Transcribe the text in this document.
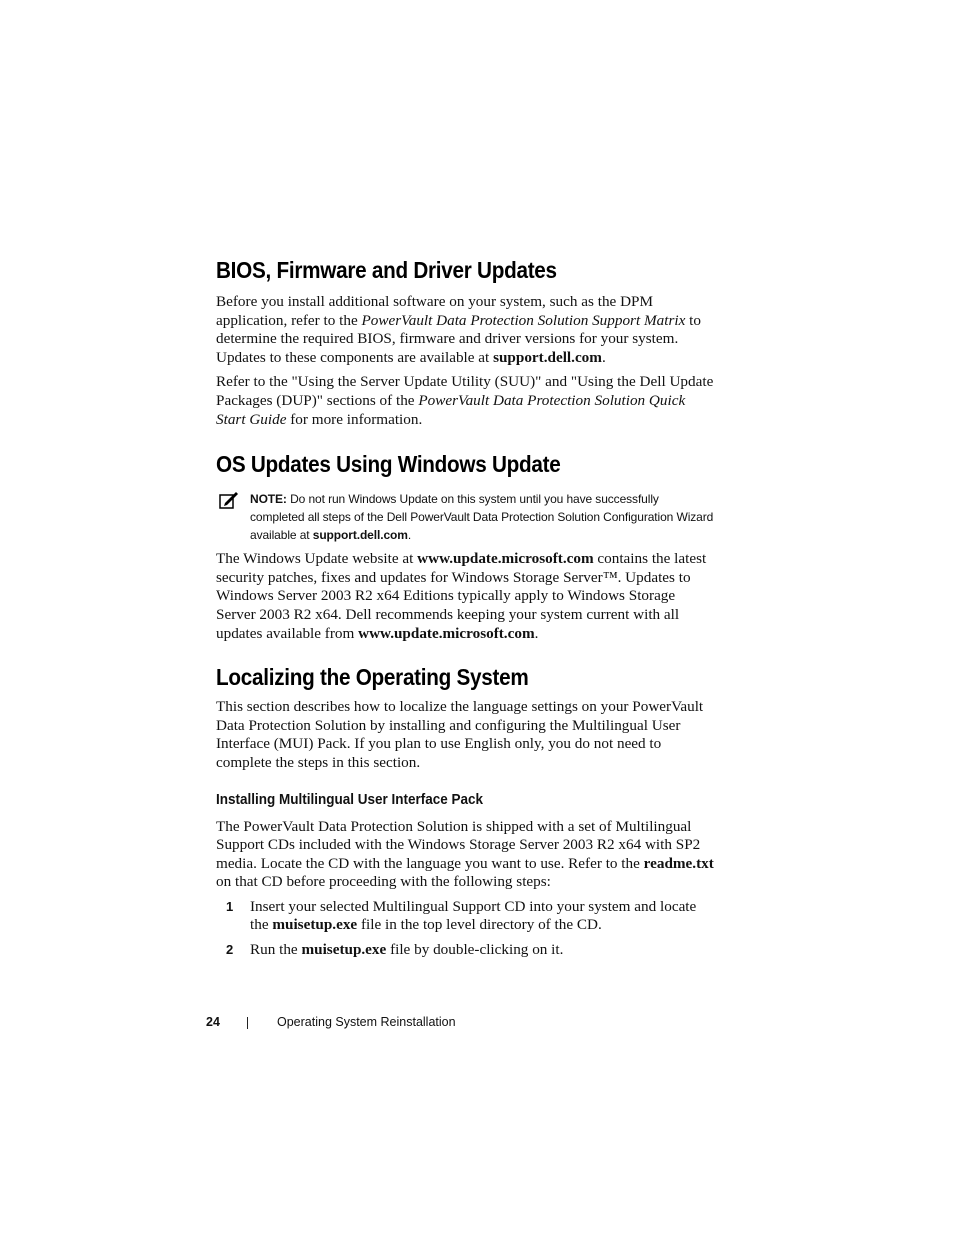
BIOS, Firmware and Driver Updates

Before you install additional software on your system, such as the DPM application, refer to the PowerVault Data Protection Solution Support Matrix to determine the required BIOS, firmware and driver versions for your system. Updates to these components are available at support.dell.com.

Refer to the "Using the Server Update Utility (SUU)" and "Using the Dell Update Packages (DUP)" sections of the PowerVault Data Protection Solution Quick Start Guide for more information.

OS Updates Using Windows Update
NOTE: Do not run Windows Update on this system until you have successfully completed all steps of the Dell PowerVault Data Protection Solution Configuration Wizard available at support.dell.com.

The Windows Update website at www.update.microsoft.com contains the latest security patches, fixes and updates for Windows Storage Server™. Updates to Windows Server 2003 R2 x64 Editions typically apply to Windows Storage Server 2003 R2 x64. Dell recommends keeping your system current with all updates available from www.update.microsoft.com.

Localizing the Operating System

This section describes how to localize the language settings on your PowerVault Data Protection Solution by installing and configuring the Multilingual User Interface (MUI) Pack. If you plan to use English only, you do not need to complete the steps in this section.

Installing Multilingual User Interface Pack

The PowerVault Data Protection Solution is shipped with a set of Multilingual Support CDs included with the Windows Storage Server 2003 R2 x64 with SP2 media. Locate the CD with the language you want to use. Refer to the readme.txt on that CD before proceeding with the following steps:

1 Insert your selected Multilingual Support CD into your system and locate the muisetup.exe file in the top level directory of the CD.
2 Run the muisetup.exe file by double-clicking on it.
24	Operating System Reinstallation
